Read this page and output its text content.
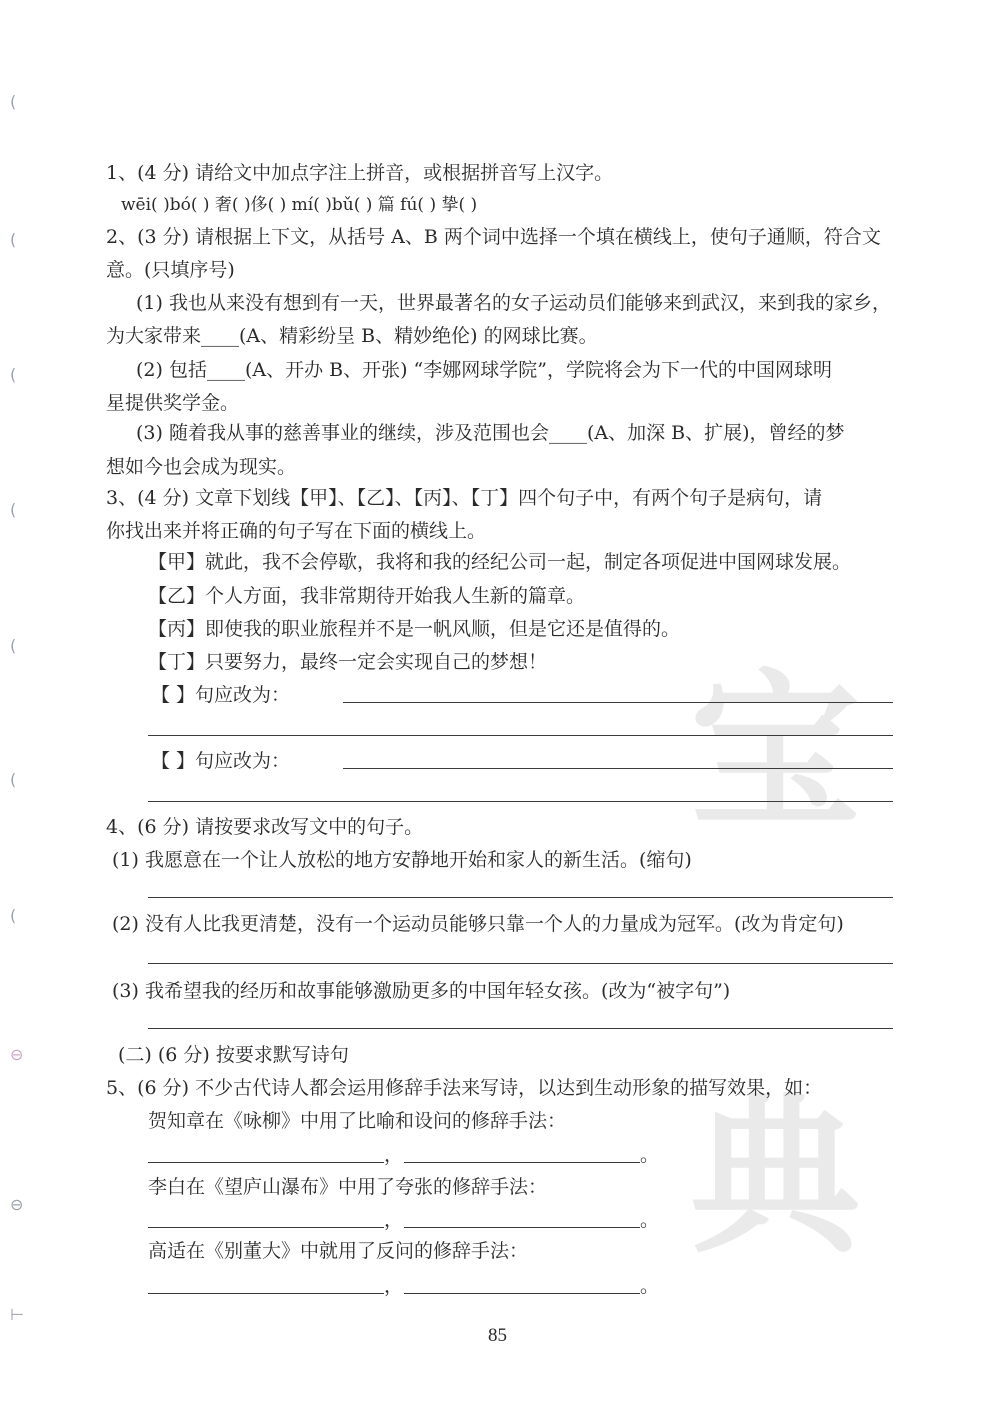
宝
典
(
(
(
(
(
(
(
⊖
⊖
⊢
1、(4 分) 请给文中加点字注上拼音，或根据拼音写上汉字。
wēi( )bó( ) 奢( )侈( ) mí( )bǔ( ) 篇 fú( ) 挚( )
2、(3 分) 请根据上下文，从括号 A、B 两个词中选择一个填在横线上，使句子通顺，符合文
意。(只填序号)
(1) 我也从来没有想到有一天，世界最著名的女子运动员们能够来到武汉，来到我的家乡，
为大家带来____(A、精彩纷呈 B、精妙绝伦) 的网球比赛。
(2) 包括____(A、开办 B、开张) “李娜网球学院”，学院将会为下一代的中国网球明
星提供奖学金。
(3) 随着我从事的慈善事业的继续，涉及范围也会____(A、加深 B、扩展)，曾经的梦
想如今也会成为现实。
3、(4 分) 文章下划线【甲】、【乙】、【丙】、【丁】四个句子中，有两个句子是病句，请
你找出来并将正确的句子写在下面的横线上。
【甲】就此，我不会停歇，我将和我的经纪公司一起，制定各项促进中国网球发展。
【乙】个人方面，我非常期待开始我人生新的篇章。
【丙】即使我的职业旅程并不是一帆风顺，但是它还是值得的。
【丁】只要努力，最终一定会实现自己的梦想！
【 】句应改为：
【 】句应改为：
4、(6 分) 请按要求改写文中的句子。
(1) 我愿意在一个让人放松的地方安静地开始和家人的新生活。(缩句)
(2) 没有人比我更清楚，没有一个运动员能够只靠一个人的力量成为冠军。(改为肯定句)
(3) 我希望我的经历和故事能够激励更多的中国年轻女孩。(改为“被字句”)
(二) (6 分) 按要求默写诗句
5、(6 分) 不少古代诗人都会运用修辞手法来写诗，以达到生动形象的描写效果，如：
贺知章在《咏柳》中用了比喻和设问的修辞手法：
，	。
李白在《望庐山瀑布》中用了夸张的修辞手法：
，	。
高适在《别董大》中就用了反问的修辞手法：
，	。
85
